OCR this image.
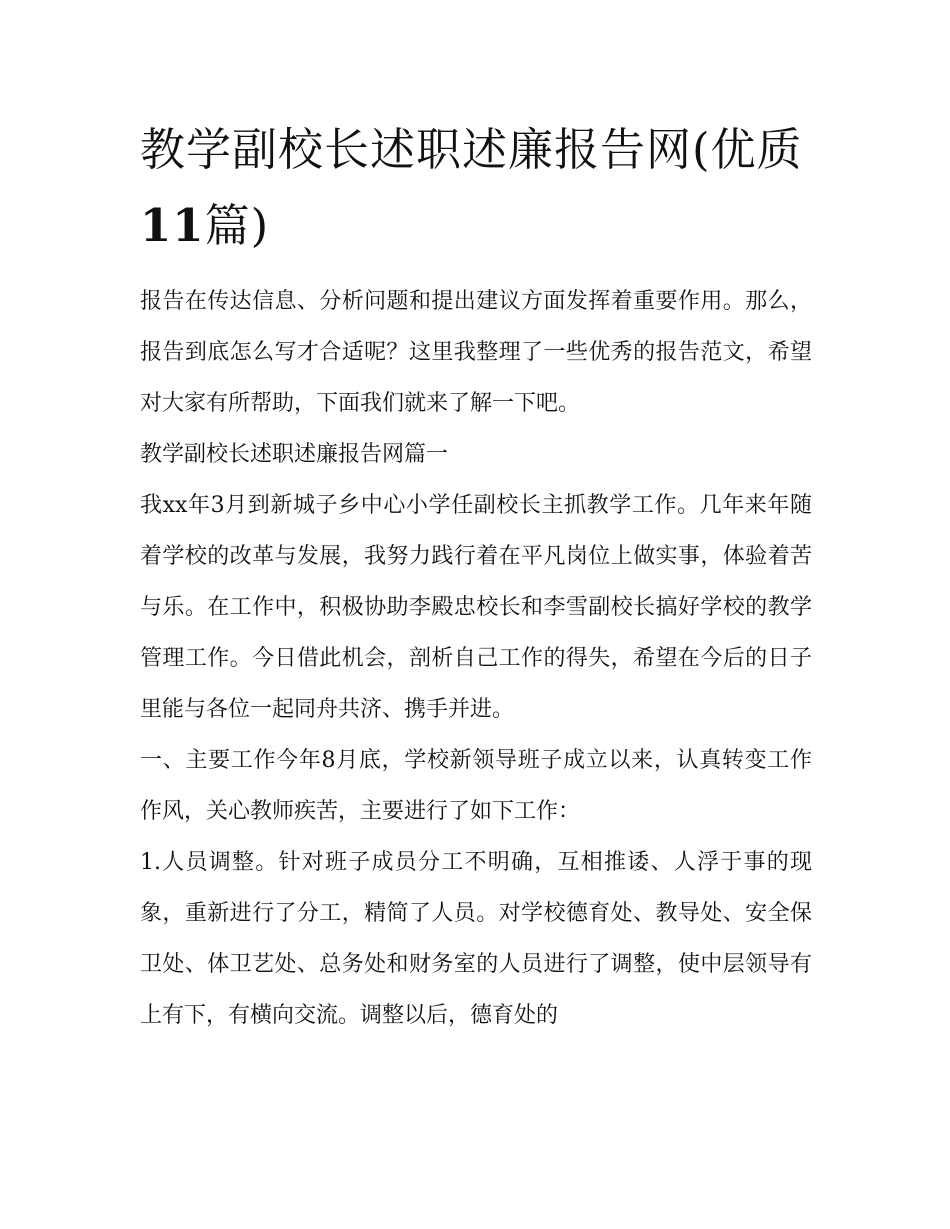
教学副校长述职述廉报告网(优质11篇)

报告在传达信息、分析问题和提出建议方面发挥着重要作用。那么，报告到底怎么写才合适呢？这里我整理了一些优秀的报告范文，希望对大家有所帮助，下面我们就来了解一下吧。

教学副校长述职述廉报告网篇一

我xx年3月到新城子乡中心小学任副校长主抓教学工作。几年来年随着学校的改革与发展，我努力践行着在平凡岗位上做实事，体验着苦与乐。在工作中，积极协助李殿忠校长和李雪副校长搞好学校的教学管理工作。今日借此机会，剖析自己工作的得失，希望在今后的日子里能与各位一起同舟共济、携手并进。

一、主要工作今年8月底，学校新领导班子成立以来，认真转变工作作风，关心教师疾苦，主要进行了如下工作：

1.人员调整。针对班子成员分工不明确，互相推诿、人浮于事的现象，重新进行了分工，精简了人员。对学校德育处、教导处、安全保卫处、体卫艺处、总务处和财务室的人员进行了调整，使中层领导有上有下，有横向交流。调整以后，德育处的
